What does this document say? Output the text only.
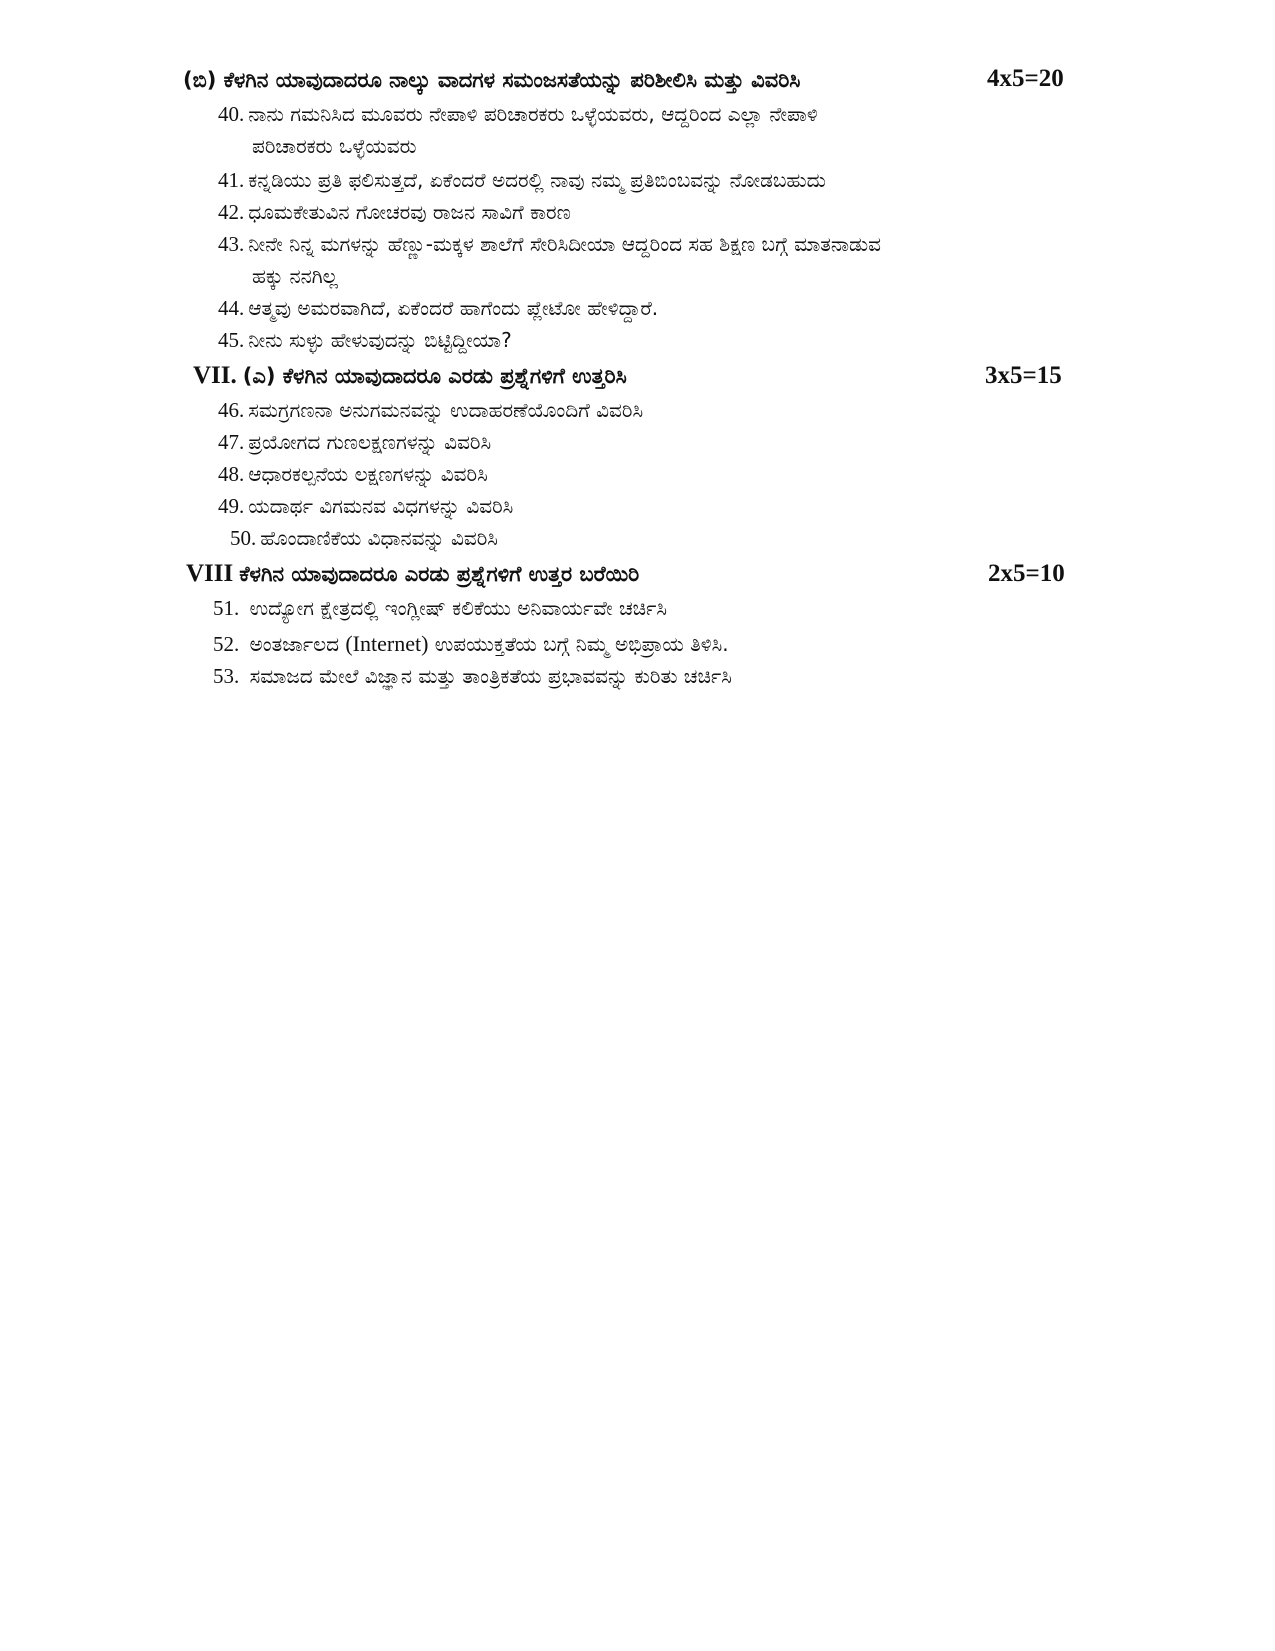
(ಬಿ) ಕೆಳಗಿನ ಯಾವುದಾದರೂ ನಾಲ್ಕು ವಾದಗಳ ಸಮಂಜಸತೆಯನ್ನು ಪರಿಶೀಲಿಸಿ ಮತ್ತು ವಿವರಿಸಿ	4x5=20
40. ನಾನು ಗಮನಿಸಿದ ಮೂವರು ನೇಪಾಳಿ ಪರಿಚಾರಕರು ಒಳ್ಳೆಯವರು, ಆದ್ದರಿಂದ ಎಲ್ಲಾ ನೇಪಾಳಿ
ಪರಿಚಾರಕರು ಒಳ್ಳೆಯವರು
41. ಕನ್ನಡಿಯು ಪ್ರತಿ ಫಲಿಸುತ್ತದೆ, ಏಕೆಂದರೆ ಅದರಲ್ಲಿ ನಾವು ನಮ್ಮ ಪ್ರತಿಬಿಂಬವನ್ನು ನೋಡಬಹುದು
42. ಧೂಮಕೇತುವಿನ ಗೋಚರವು ರಾಜನ ಸಾವಿಗೆ ಕಾರಣ
43. ನೀನೇ ನಿನ್ನ ಮಗಳನ್ನು ಹೆಣ್ಣು-ಮಕ್ಕಳ ಶಾಲೆಗೆ ಸೇರಿಸಿದೀಯಾ ಆದ್ದರಿಂದ ಸಹ ಶಿಕ್ಷಣ ಬಗ್ಗೆ ಮಾತನಾಡುವ
ಹಕ್ಕು ನನಗಿಲ್ಲ
44. ಆತ್ಮವು ಅಮರವಾಗಿದೆ, ಏಕೆಂದರೆ ಹಾಗೆಂದು ಪ್ಲೇಟೋ ಹೇಳಿದ್ದಾರೆ.
45. ನೀನು ಸುಳ್ಳು ಹೇಳುವುದನ್ನು ಬಿಟ್ಟಿದ್ದೀಯಾ?
VII. (ಎ) ಕೆಳಗಿನ ಯಾವುದಾದರೂ ಎರಡು ಪ್ರಶ್ನೆಗಳಿಗೆ ಉತ್ತರಿಸಿ	3x5=15
46. ಸಮಗ್ರಗಣನಾ ಅನುಗಮನವನ್ನು ಉದಾಹರಣೆಯೊಂದಿಗೆ ವಿವರಿಸಿ
47. ಪ್ರಯೋಗದ ಗುಣಲಕ್ಷಣಗಳನ್ನು ವಿವರಿಸಿ
48. ಆಧಾರಕಲ್ಪನೆಯ ಲಕ್ಷಣಗಳನ್ನು ವಿವರಿಸಿ
49. ಯದಾರ್ಥ ವಿಗಮನವ ವಿಧಗಳನ್ನು ವಿವರಿಸಿ
50. ಹೊಂದಾಣಿಕೆಯ ವಿಧಾನವನ್ನು ವಿವರಿಸಿ
VIII ಕೆಳಗಿನ ಯಾವುದಾದರೂ ಎರಡು ಪ್ರಶ್ನೆಗಳಿಗೆ ಉತ್ತರ ಬರೆಯಿರಿ	2x5=10
51. ಉದ್ಯೋಗ ಕ್ಷೇತ್ರದಲ್ಲಿ ಇಂಗ್ಲೀಷ್ ಕಲಿಕೆಯು ಅನಿವಾರ್ಯವೇ ಚರ್ಚಿಸಿ
52. ಅಂತರ್ಜಾಲದ (Internet) ಉಪಯುಕ್ತತೆಯ ಬಗ್ಗೆ ನಿಮ್ಮ ಅಭಿಪ್ರಾಯ ತಿಳಿಸಿ.
53. ಸಮಾಜದ ಮೇಲೆ ವಿಜ್ಞಾನ ಮತ್ತು ತಾಂತ್ರಿಕತೆಯ ಪ್ರಭಾವವನ್ನು ಕುರಿತು ಚರ್ಚಿಸಿ
